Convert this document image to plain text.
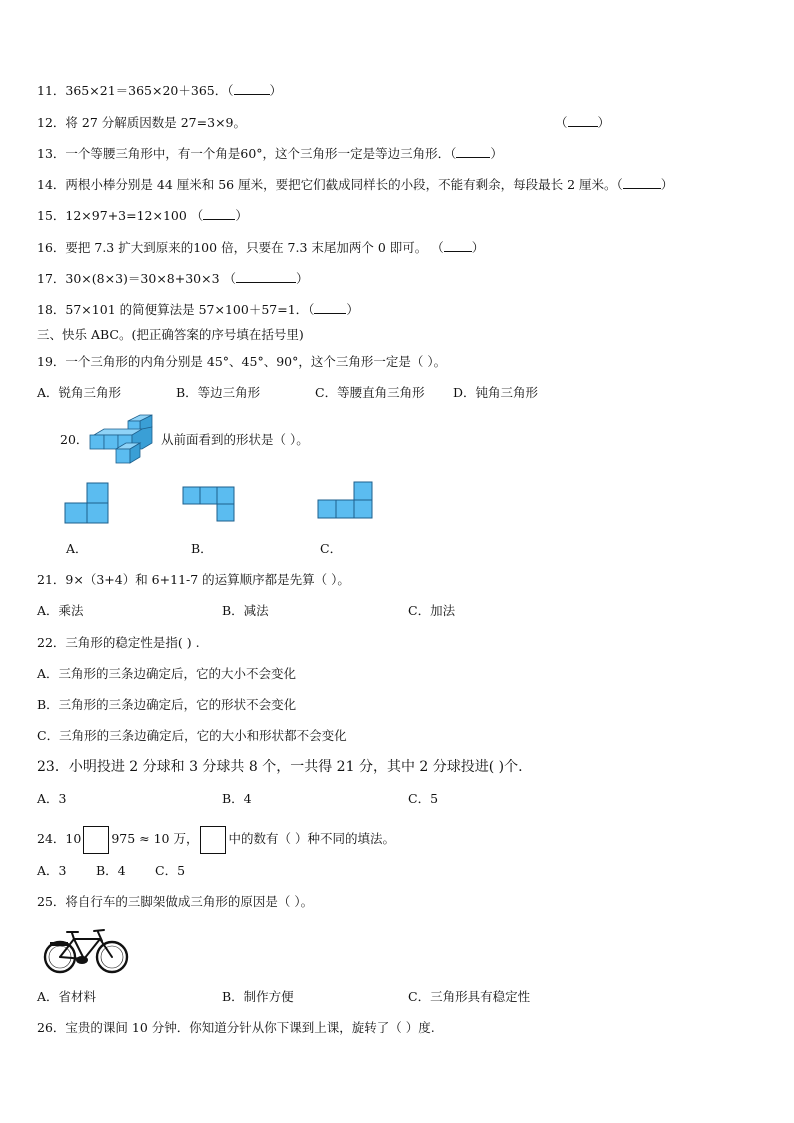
11．365×21＝365×20＋365．（	）
12．将 27 分解质因数是 27=3×9。	（ ）
13．一个等腰三角形中，有一个角是60°，这个三角形一定是等边三角形．（	）
14．两根小棒分别是 44 厘米和 56 厘米，要把它们截成同样长的小段，不能有剩余，每段最长 2 厘米。（	）
15．12×97+3=12×100 （	）
16．要把 7.3 扩大到原来的100 倍，只要在 7.3 末尾加两个 0 即可。 （ ）
17．30×(8×3)＝30×8+30×3 （	）
18．57×101 的简便算法是 57×100＋57=1．（	）
三、快乐 ABC。(把正确答案的序号填在括号里)
19．一个三角形的内角分别是 45°、45°、90°，这个三角形一定是（ ）。
A．锐角三角形	B．等边三角形	C．等腰直角三角形 D．钝角三角形
20．	从前面看到的形状是（ ）。
A．	B．	C．
21．9×（3+4）和 6+11-7 的运算顺序都是先算（ ）。
A．乘法	B．减法	C．加法
22．三角形的稳定性是指( ) .
A．三角形的三条边确定后，它的大小不会变化
B．三角形的三条边确定后，它的形状不会变化
C．三角形的三条边确定后，它的大小和形状都不会变化
23．小明投进 2 分球和 3 分球共 8 个，一共得 21 分，其中 2 分球投进( )个.
A．3	B．4	C．5
24．10 975 ≈ 10 万， 中的数有（ ）种不同的填法。
A．3 B．4 C．5
25．将自行车的三脚架做成三角形的原因是（ ）。
A．省材料	B．制作方便	C．三角形具有稳定性
26．宝贵的课间 10 分钟．你知道分针从你下课到上课，旋转了（ ）度.
